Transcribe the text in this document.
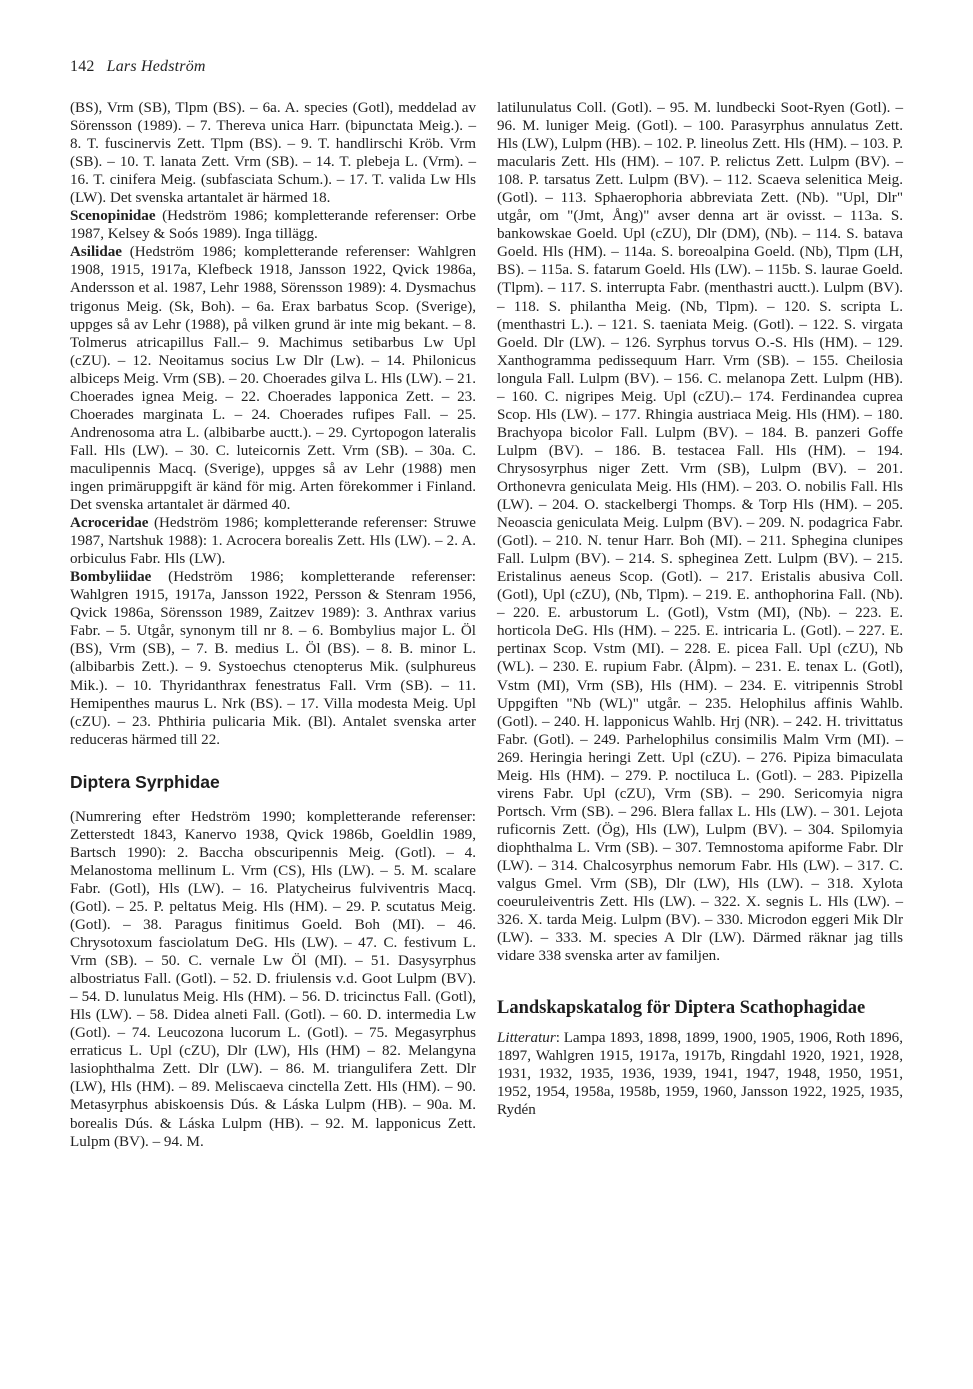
142 Lars Hedström

(BS), Vrm (SB), Tlpm (BS). – 6a. A. species (Gotl), meddelad av Sörensson (1989). – 7. Thereva unica Harr. (bipunctata Meig.). – 8. T. fuscinervis Zett. Tlpm (BS). – 9. T. handlirschi Kröb. Vrm (SB). – 10. T. lanata Zett. Vrm (SB). – 14. T. plebeja L. (Vrm). – 16. T. cinifera Meig. (subfasciata Schum.). – 17. T. valida Lw Hls (LW). Det svenska artantalet är härmed 18.

Scenopinidae (Hedström 1986; kompletterande referenser: Orbe 1987, Kelsey & Soós 1989). Inga tillägg.

Asilidae (Hedström 1986; kompletterande referenser: Wahlgren 1908, 1915, 1917a, Klefbeck 1918, Jansson 1922, Qvick 1986a, Andersson et al. 1987, Lehr 1988, Sörensson 1989): 4. Dysmachus trigonus Meig. (Sk, Boh). – 6a. Erax barbatus Scop. (Sverige), uppges så av Lehr (1988), på vilken grund är inte mig bekant. – 8. Tolmerus atricapillus Fall.– 9. Machimus setibarbus Lw Upl (cZU). – 12. Neoitamus socius Lw Dlr (Lw). – 14. Philonicus albiceps Meig. Vrm (SB). – 20. Choerades gilva L. Hls (LW). – 21. Choerades ignea Meig. – 22. Choerades lapponica Zett. – 23. Choerades marginata L. – 24. Choerades rufipes Fall. – 25. Andrenosoma atra L. (albibarbe auctt.). – 29. Cyrtopogon lateralis Fall. Hls (LW). – 30. C. luteicornis Zett. Vrm (SB). – 30a. C. maculipennis Macq. (Sverige), uppges så av Lehr (1988) men ingen primäruppgift är känd för mig. Arten förekommer i Finland. Det svenska artantalet är därmed 40.

Acroceridae (Hedström 1986; kompletterande referenser: Struwe 1987, Nartshuk 1988): 1. Acrocera borealis Zett. Hls (LW). – 2. A. orbiculus Fabr. Hls (LW).

Bombyliidae (Hedström 1986; kompletterande referenser: Wahlgren 1915, 1917a, Jansson 1922, Persson & Stenram 1956, Qvick 1986a, Sörensson 1989, Zaitzev 1989): 3. Anthrax varius Fabr. – 5. Utgår, synonym till nr 8. – 6. Bombylius major L. Öl (BS), Vrm (SB), – 7. B. medius L. Öl (BS). – 8. B. minor L. (albibarbis Zett.). – 9. Systoechus ctenopterus Mik. (sulphureus Mik.). – 10. Thyridanthrax fenestratus Fall. Vrm (SB). – 11. Hemipenthes maurus L. Nrk (BS). – 17. Villa modesta Meig. Upl (cZU). – 23. Phthiria pulicaria Mik. (Bl). Antalet svenska arter reduceras härmed till 22.

Diptera Syrphidae

(Numrering efter Hedström 1990; kompletterande referenser: Zetterstedt 1843, Kanervo 1938, Qvick 1986b, Goeldlin 1989, Bartsch 1990): 2. Baccha obscuripennis Meig. (Gotl). – 4. Melanostoma mellinum L. Vrm (CS), Hls (LW). – 5. M. scalare Fabr. (Gotl), Hls (LW). – 16. Platycheirus fulviventris Macq. (Gotl). – 25. P. peltatus Meig. Hls (HM). – 29. P. scutatus Meig. (Gotl). – 38. Paragus finitimus Goeld. Boh (MI). – 46. Chrysotoxum fasciolatum DeG. Hls (LW). – 47. C. festivum L. Vrm (SB). – 50. C. vernale Lw Öl (MI). – 51. Dasysyrphus albostriatus Fall. (Gotl). – 52. D. friulensis v.d. Goot Lulpm (BV). – 54. D. lunulatus Meig. Hls (HM). – 56. D. tricinctus Fall. (Gotl), Hls (LW). – 58. Didea alneti Fall. (Gotl). – 60. D. intermedia Lw (Gotl). – 74. Leucozona lucorum L. (Gotl). – 75. Megasyrphus erraticus L. Upl (cZU), Dlr (LW), Hls (HM) – 82. Melangyna lasiophthalma Zett. Dlr (LW). – 86. M. triangulifera Zett. Dlr (LW), Hls (HM). – 89. Meliscaeva cinctella Zett. Hls (HM). – 90. Metasyrphus abiskoensis Dús. & Láska Lulpm (HB). – 90a. M. borealis Dús. & Láska Lulpm (HB). – 92. M. lapponicus Zett. Lulpm (BV). – 94. M.

latilunulatus Coll. (Gotl). – 95. M. lundbecki Soot-Ryen (Gotl). – 96. M. luniger Meig. (Gotl). – 100. Parasyrphus annulatus Zett. Hls (LW), Lulpm (HB). – 102. P. lineolus Zett. Hls (HM). – 103. P. macularis Zett. Hls (HM). – 107. P. relictus Zett. Lulpm (BV). – 108. P. tarsatus Zett. Lulpm (BV). – 112. Scaeva selenitica Meig. (Gotl). – 113. Sphaerophoria abbreviata Zett. (Nb). "Upl, Dlr" utgår, om "(Jmt, Ång)" avser denna art är ovisst. – 113a. S. bankowskae Goeld. Upl (cZU), Dlr (DM), (Nb). – 114. S. batava Goeld. Hls (HM). – 114a. S. boreoalpina Goeld. (Nb), Tlpm (LH, BS). – 115a. S. fatarum Goeld. Hls (LW). – 115b. S. laurae Goeld. (Tlpm). – 117. S. interrupta Fabr. (menthastri auctt.). Lulpm (BV). – 118. S. philantha Meig. (Nb, Tlpm). – 120. S. scripta L. (menthastri L.). – 121. S. taeniata Meig. (Gotl). – 122. S. virgata Goeld. Dlr (LW). – 126. Syrphus torvus O.-S. Hls (HM). – 129. Xanthogramma pedissequum Harr. Vrm (SB). – 155. Cheilosia longula Fall. Lulpm (BV). – 156. C. melanopa Zett. Lulpm (HB). – 160. C. nigripes Meig. Upl (cZU).– 174. Ferdinandea cuprea Scop. Hls (LW). – 177. Rhingia austriaca Meig. Hls (HM). – 180. Brachyopa bicolor Fall. Lulpm (BV). – 184. B. panzeri Goffe Lulpm (BV). – 186. B. testacea Fall. Hls (HM). – 194. Chrysosyrphus niger Zett. Vrm (SB), Lulpm (BV). – 201. Orthonevra geniculata Meig. Hls (HM). – 203. O. nobilis Fall. Hls (LW). – 204. O. stackelbergi Thomps. & Torp Hls (HM). – 205. Neoascia geniculata Meig. Lulpm (BV). – 209. N. podagrica Fabr. (Gotl). – 210. N. tenur Harr. Boh (MI). – 211. Sphegina clunipes Fall. Lulpm (BV). – 214. S. spheginea Zett. Lulpm (BV). – 215. Eristalinus aeneus Scop. (Gotl). – 217. Eristalis abusiva Coll. (Gotl), Upl (cZU), (Nb, Tlpm). – 219. E. anthophorina Fall. (Nb). – 220. E. arbustorum L. (Gotl), Vstm (MI), (Nb). – 223. E. horticola DeG. Hls (HM). – 225. E. intricaria L. (Gotl). – 227. E. pertinax Scop. Vstm (MI). – 228. E. picea Fall. Upl (cZU), Nb (WL). – 230. E. rupium Fabr. (Ålpm). – 231. E. tenax L. (Gotl), Vstm (MI), Vrm (SB), Hls (HM). – 234. E. vitripennis Strobl Uppgiften "Nb (WL)" utgår. – 235. Helophilus affinis Wahlb. (Gotl). – 240. H. lapponicus Wahlb. Hrj (NR). – 242. H. trivittatus Fabr. (Gotl). – 249. Parhelophilus consimilis Malm Vrm (MI). – 269. Heringia heringi Zett. Upl (cZU). – 276. Pipiza bimaculata Meig. Hls (HM). – 279. P. noctiluca L. (Gotl). – 283. Pipizella virens Fabr. Upl (cZU), Vrm (SB). – 290. Sericomyia nigra Portsch. Vrm (SB). – 296. Blera fallax L. Hls (LW). – 301. Lejota ruficornis Zett. (Ög), Hls (LW), Lulpm (BV). – 304. Spilomyia diophthalma L. Vrm (SB). – 307. Temnostoma apiforme Fabr. Dlr (LW). – 314. Chalcosyrphus nemorum Fabr. Hls (LW). – 317. C. valgus Gmel. Vrm (SB), Dlr (LW), Hls (LW). – 318. Xylota coeuruleiventris Zett. Hls (LW). – 322. X. segnis L. Hls (LW). – 326. X. tarda Meig. Lulpm (BV). – 330. Microdon eggeri Mik Dlr (LW). – 333. M. species A Dlr (LW). Därmed räknar jag tills vidare 338 svenska arter av familjen.

Landskapskatalog för Diptera Scathophagidae

Litteratur: Lampa 1893, 1898, 1899, 1900, 1905, 1906, Roth 1896, 1897, Wahlgren 1915, 1917a, 1917b, Ringdahl 1920, 1921, 1928, 1931, 1932, 1935, 1936, 1939, 1941, 1947, 1948, 1950, 1951, 1952, 1954, 1958a, 1958b, 1959, 1960, Jansson 1922, 1925, 1935, Rydén
